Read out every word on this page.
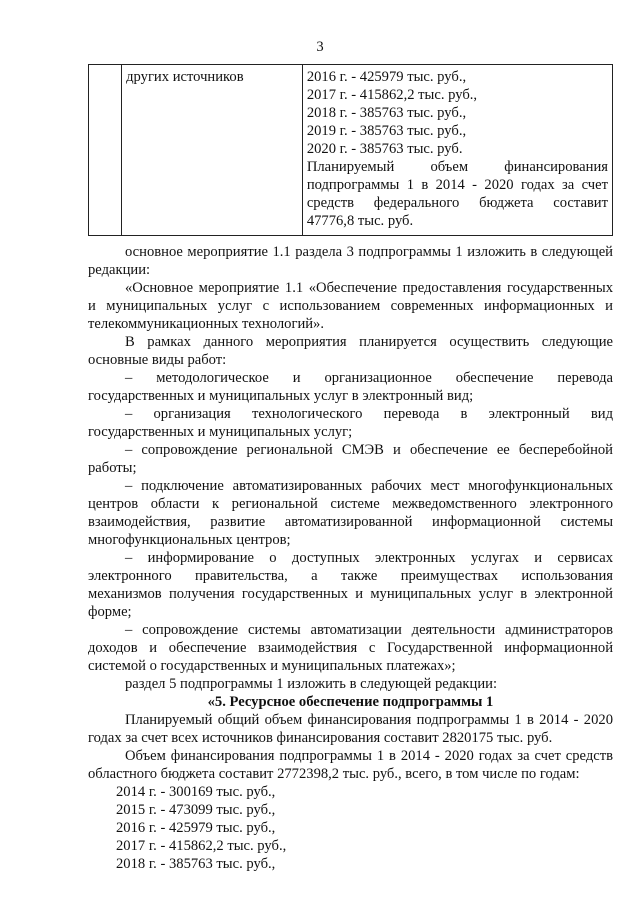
3

других источников	2016 г. - 425979 тыс. руб.,
2017 г. - 415862,2 тыс. руб.,
2018 г. - 385763 тыс. руб.,
2019 г. - 385763 тыс. руб.,
2020 г. - 385763 тыс. руб.
Планируемый объем финансирования
подпрограммы 1 в 2014 - 2020 годах за счет
средств федерального бюджета составит
47776,8 тыс. руб.
основное мероприятие 1.1 раздела 3 подпрограммы 1 изложить в следующей
редакции:
«Основное мероприятие 1.1 «Обеспечение предоставления государственных
и муниципальных услуг с использованием современных информационных и
телекоммуникационных технологий».
В рамках данного мероприятия планируется осуществить следующие
основные виды работ:
– методологическое и организационное обеспечение перевода
государственных и муниципальных услуг в электронный вид;
– организация технологического перевода в электронный вид
государственных и муниципальных услуг;
– сопровождение региональной СМЭВ и обеспечение ее бесперебойной
работы;
– подключение автоматизированных рабочих мест многофункциональных
центров области к региональной системе межведомственного электронного
взаимодействия, развитие автоматизированной информационной системы
многофункциональных центров;
– информирование о доступных электронных услугах и сервисах
электронного правительства, а также преимуществах использования
механизмов получения государственных и муниципальных услуг в электронной
форме;
– сопровождение системы автоматизации деятельности администраторов
доходов и обеспечение взаимодействия с Государственной информационной
системой о государственных и муниципальных платежах»;
раздел 5 подпрограммы 1 изложить в следующей редакции:
«5. Ресурсное обеспечение подпрограммы 1
Планируемый общий объем финансирования подпрограммы 1 в 2014 - 2020
годах за счет всех источников финансирования составит 2820175 тыс. руб.
Объем финансирования подпрограммы 1 в 2014 - 2020 годах за счет средств
областного бюджета составит 2772398,2 тыс. руб., всего, в том числе по годам:
2014 г. - 300169 тыс. руб.,
2015 г. - 473099 тыс. руб.,
2016 г. - 425979 тыс. руб.,
2017 г. - 415862,2 тыс. руб.,
2018 г. - 385763 тыс. руб.,
